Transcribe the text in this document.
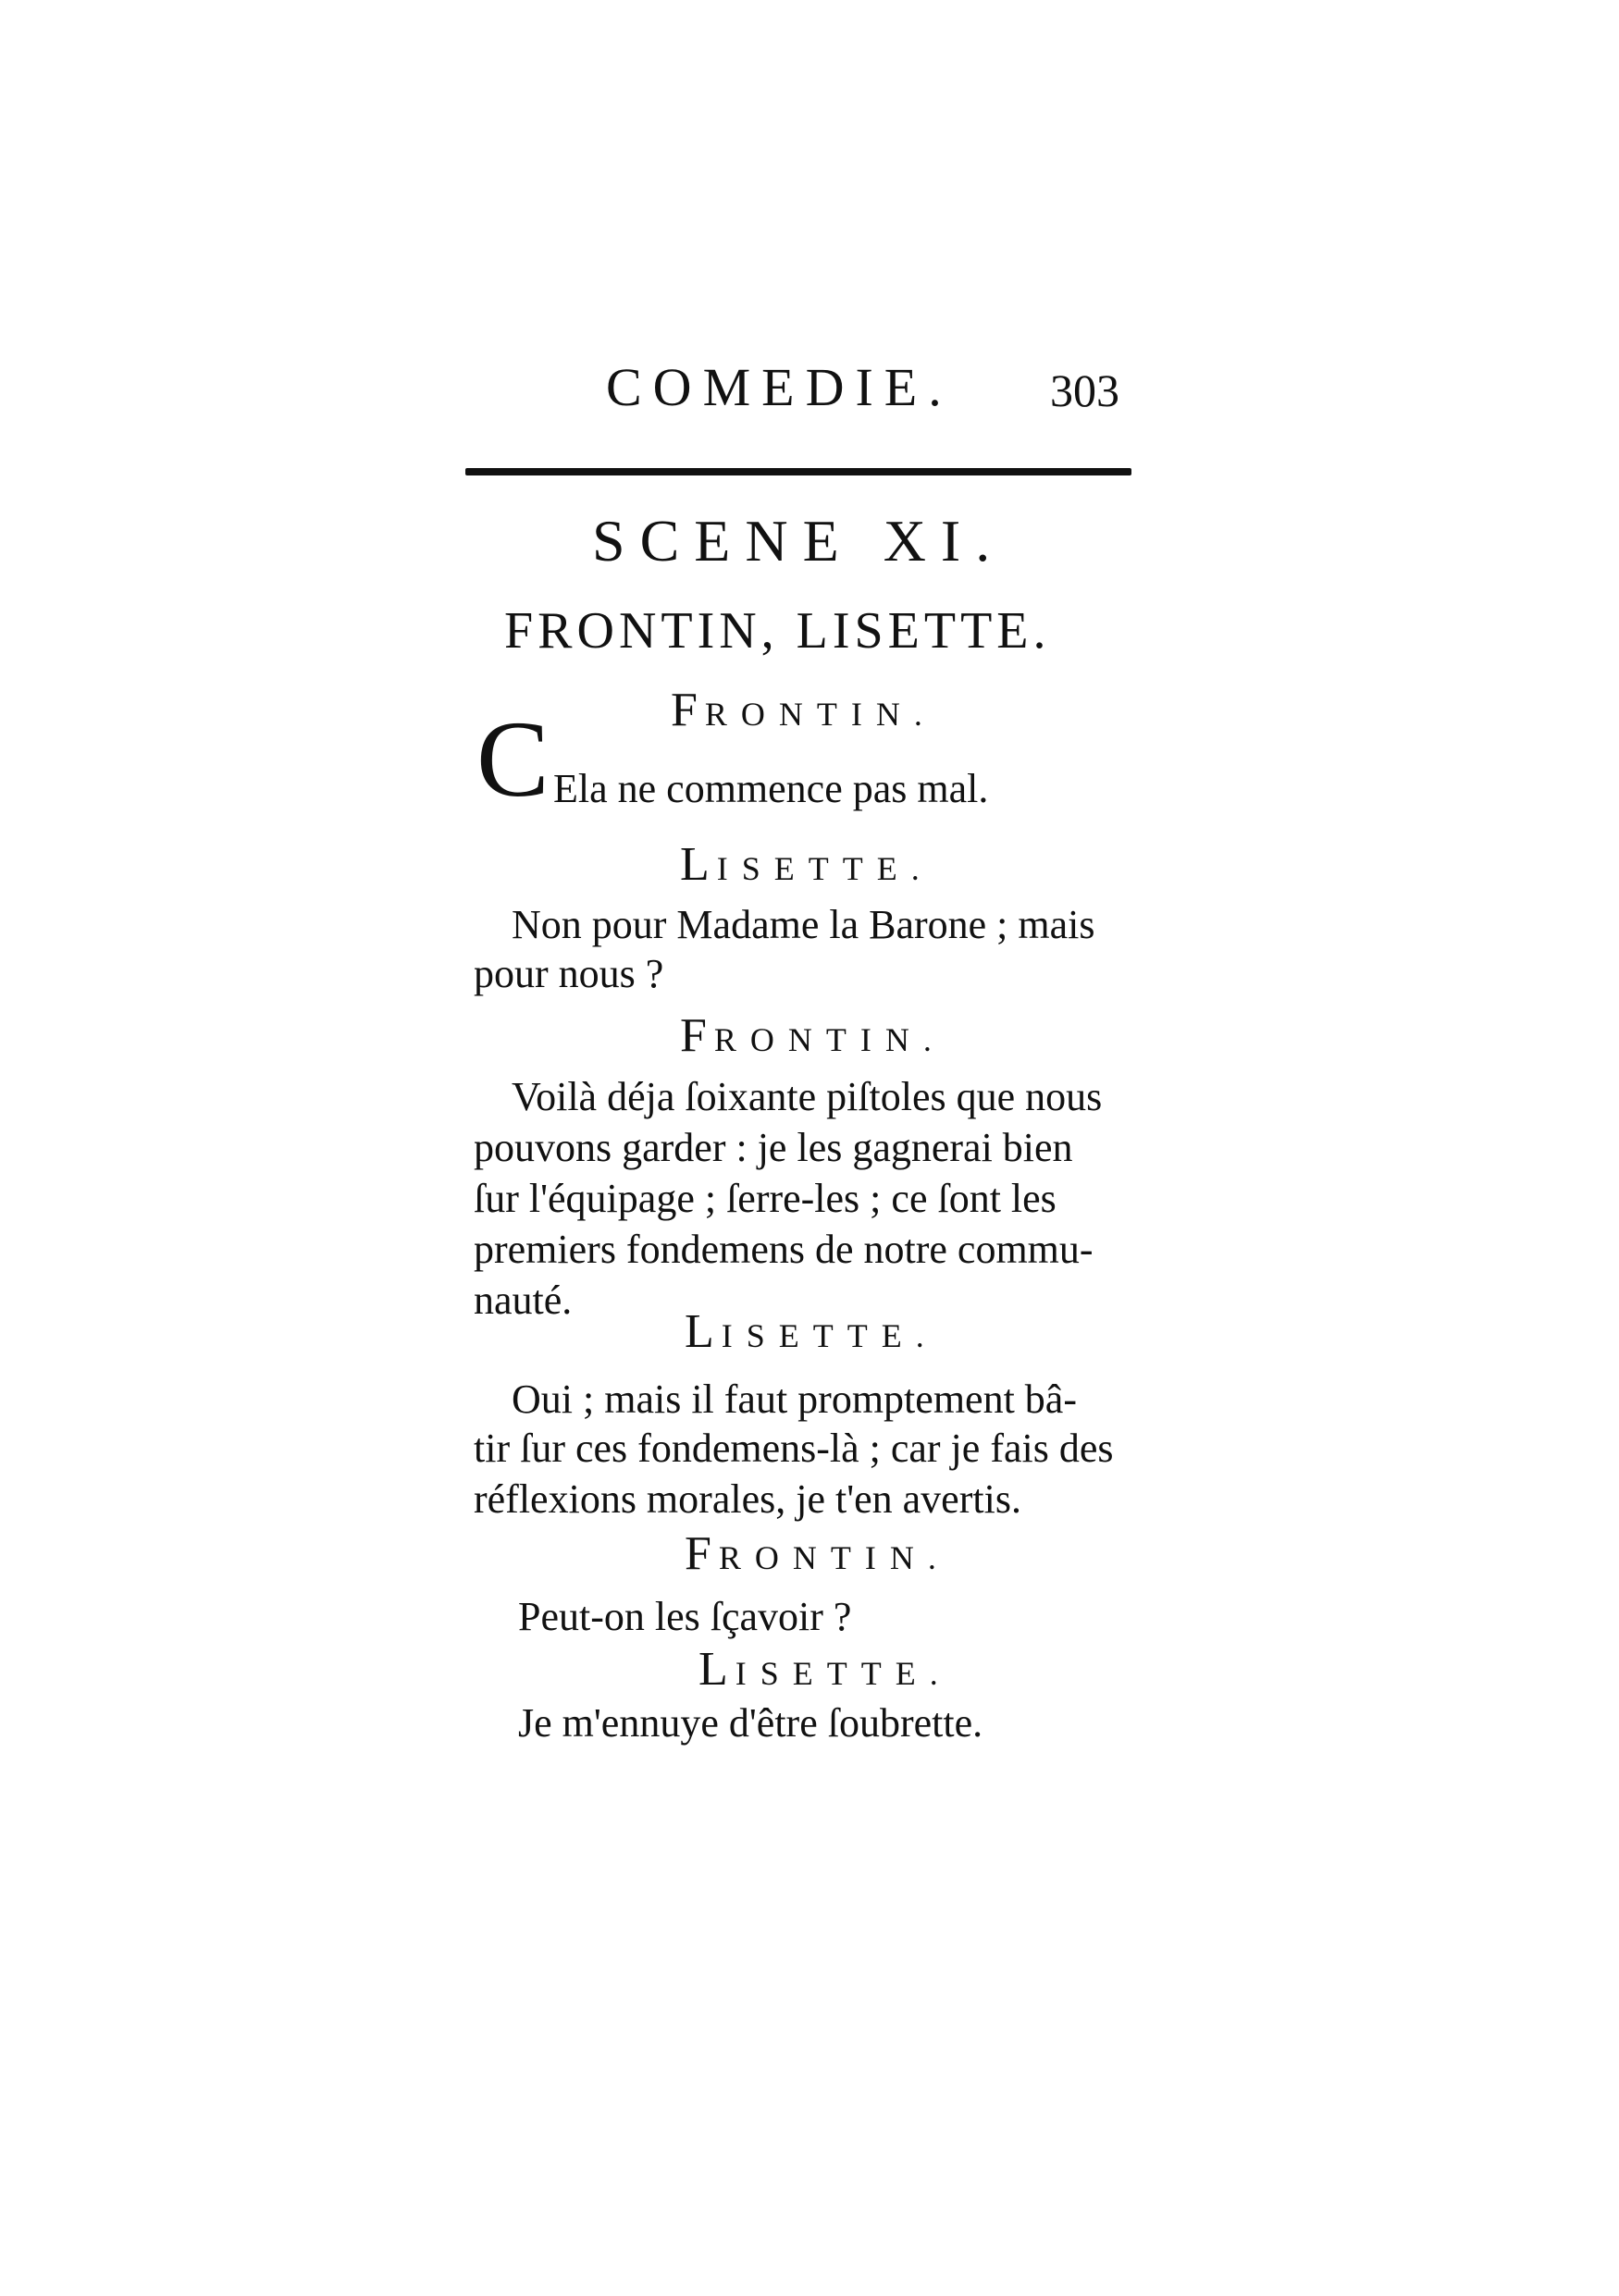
COMEDIE. 303
SCENE XI.
FRONTIN, LISETTE.
FRONTIN.
C Ela ne commence pas mal.
LISETTE.
Non pour Madame la Barone ; mais
pour nous ?
FRONTIN.
Voilà déja ſoixante piſtoles que nous
pouvons garder : je les gagnerai bien
ſur l'équipage ; ſerre-les ; ce ſont les
premiers fondemens de notre commu-
nauté.
LISETTE.
Oui ; mais il faut promptement bâ-
tir ſur ces fondemens-là ; car je fais des
réflexions morales, je t'en avertis.
FRONTIN.
Peut-on les ſçavoir ?
LISETTE.
Je m'ennuye d'être ſoubrette.
